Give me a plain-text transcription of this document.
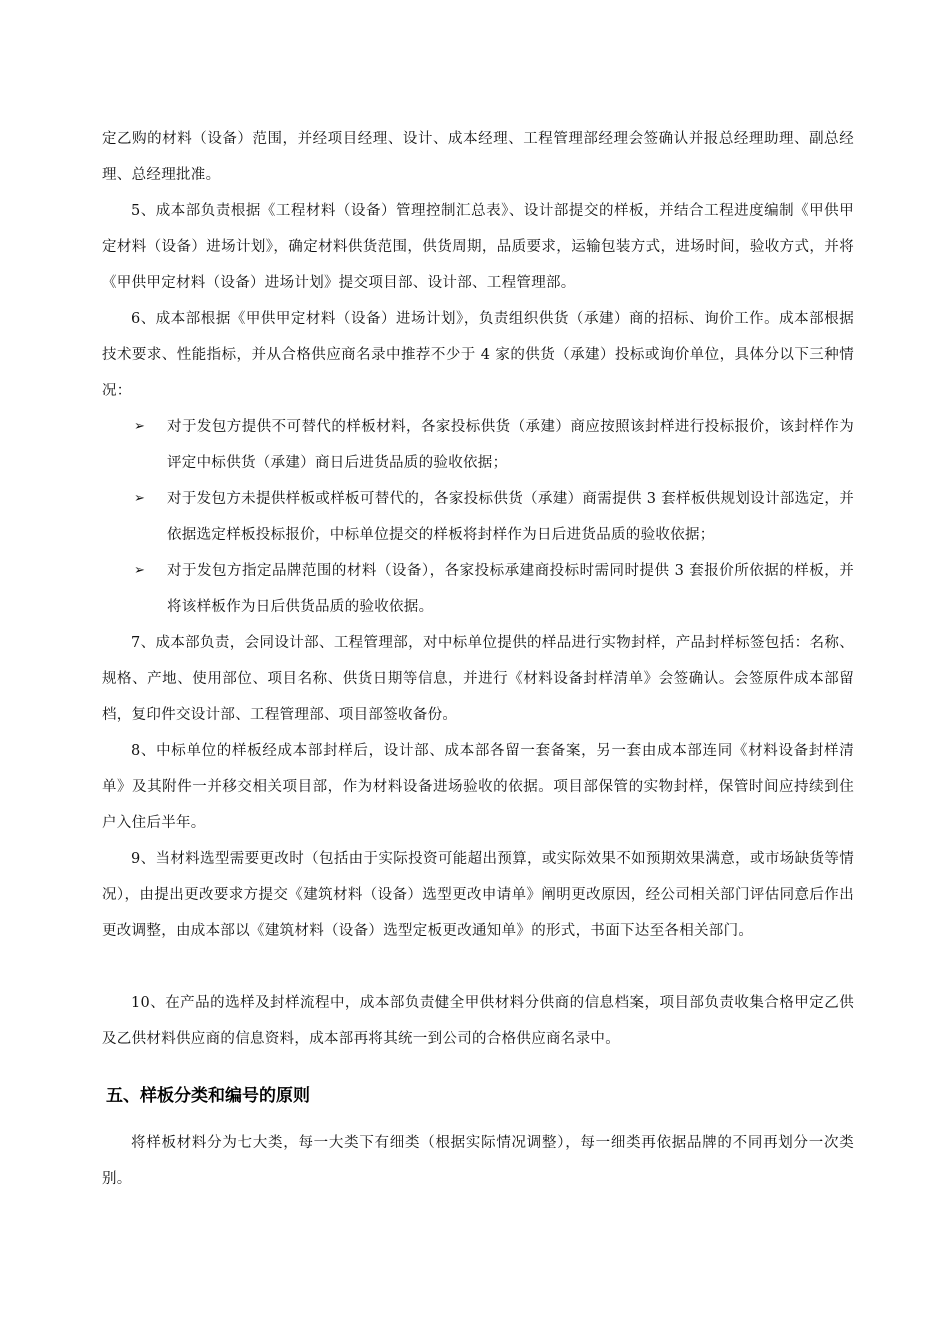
定乙购的材料（设备）范围，并经项目经理、设计、成本经理、工程管理部经理会签确认并报总经理助理、副总经理、总经理批准。
5、成本部负责根据《工程材料（设备）管理控制汇总表》、设计部提交的样板，并结合工程进度编制《甲供甲定材料（设备）进场计划》，确定材料供货范围，供货周期，品质要求，运输包装方式，进场时间，验收方式，并将《甲供甲定材料（设备）进场计划》提交项目部、设计部、工程管理部。
6、成本部根据《甲供甲定材料（设备）进场计划》，负责组织供货（承建）商的招标、询价工作。成本部根据技术要求、性能指标，并从合格供应商名录中推荐不少于 4 家的供货（承建）投标或询价单位，具体分以下三种情况：
➢	对于发包方提供不可替代的样板材料，各家投标供货（承建）商应按照该封样进行投标报价，该封样作为评定中标供货（承建）商日后进货品质的验收依据；
➢	对于发包方未提供样板或样板可替代的，各家投标供货（承建）商需提供 3 套样板供规划设计部选定，并依据选定样板投标报价，中标单位提交的样板将封样作为日后进货品质的验收依据；
➢	对于发包方指定品牌范围的材料（设备），各家投标承建商投标时需同时提供 3 套报价所依据的样板，并将该样板作为日后供货品质的验收依据。
7、成本部负责，会同设计部、工程管理部，对中标单位提供的样品进行实物封样，产品封样标签包括：名称、规格、产地、使用部位、项目名称、供货日期等信息，并进行《材料设备封样清单》会签确认。会签原件成本部留档，复印件交设计部、工程管理部、项目部签收备份。
8、中标单位的样板经成本部封样后，设计部、成本部各留一套备案，另一套由成本部连同《材料设备封样清单》及其附件一并移交相关项目部，作为材料设备进场验收的依据。项目部保管的实物封样，保管时间应持续到住户入住后半年。
9、当材料选型需要更改时（包括由于实际投资可能超出预算，或实际效果不如预期效果满意，或市场缺货等情况），由提出更改要求方提交《建筑材料（设备）选型更改申请单》阐明更改原因，经公司相关部门评估同意后作出更改调整，由成本部以《建筑材料（设备）选型定板更改通知单》的形式，书面下达至各相关部门。
10、在产品的选样及封样流程中，成本部负责健全甲供材料分供商的信息档案，项目部负责收集合格甲定乙供及乙供材料供应商的信息资料，成本部再将其统一到公司的合格供应商名录中。
五、样板分类和编号的原则
将样板材料分为七大类，每一大类下有细类（根据实际情况调整），每一细类再依据品牌的不同再划分一次类别。
